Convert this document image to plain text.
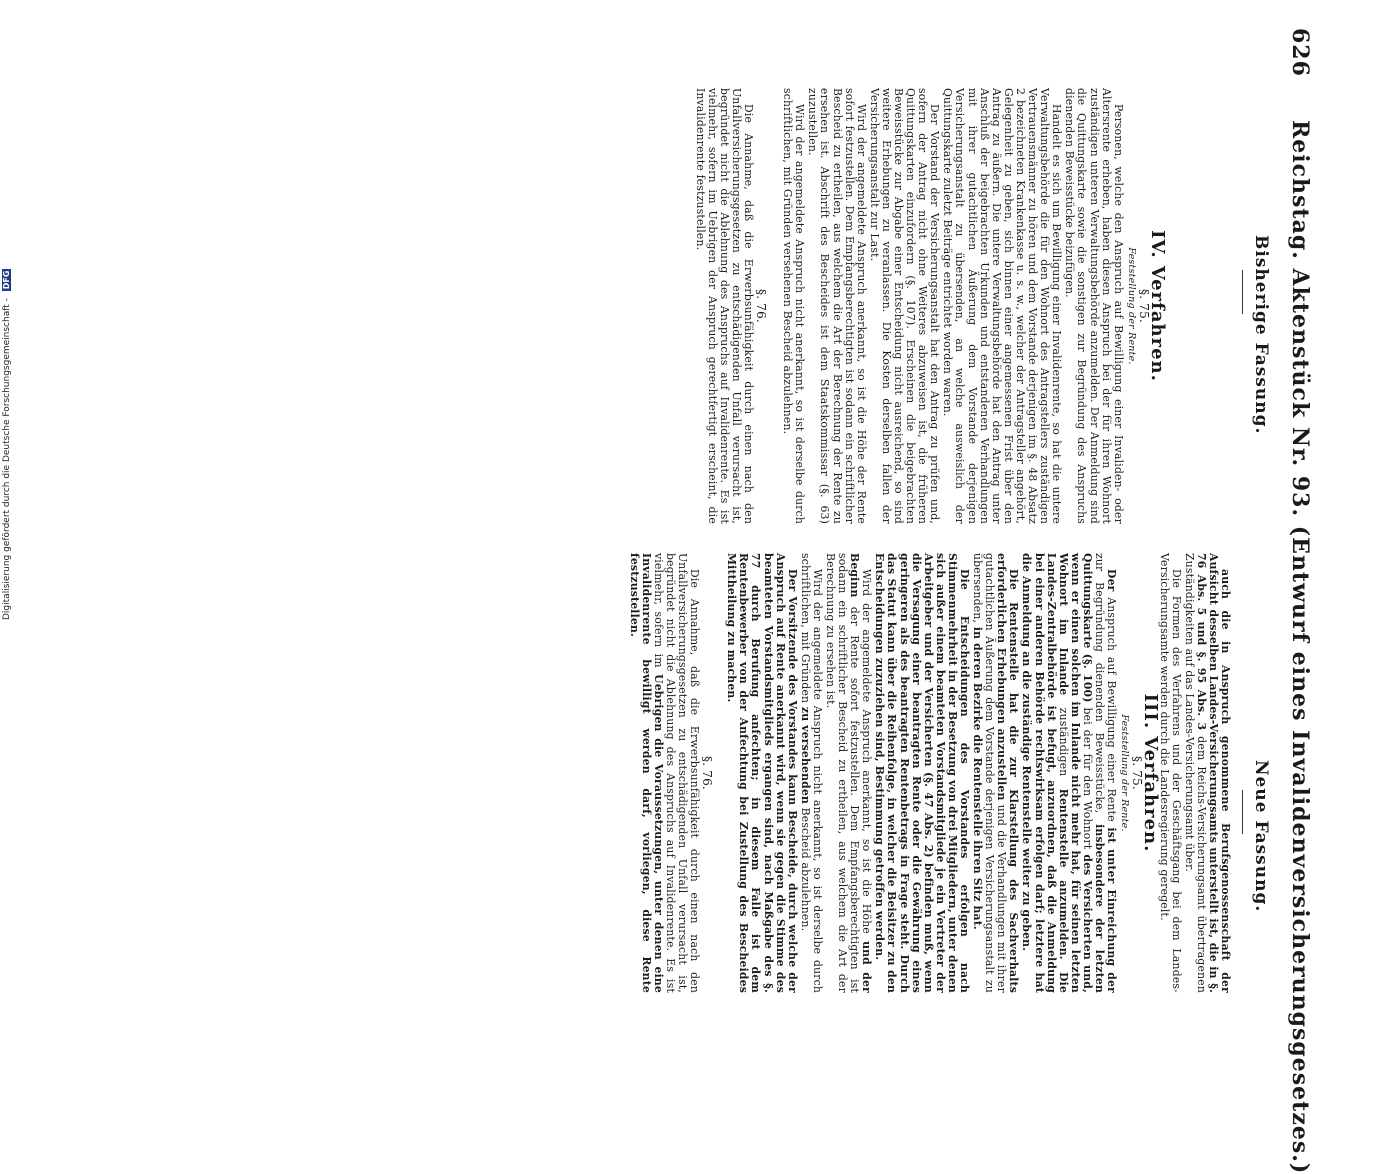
626
Reichstag. Aktenstück Nr. 93. (Entwurf eines Invalidenversicherungsgesetzes.)
Bisherige Fassung.
Neue Fassung.

IV. Verfahren.

§. 75.

Feststellung der Rente.

Personen, welche den Anspruch auf Bewilligung einer Invaliden- oder Altersrente erheben, haben diesen Anspruch bei der für ihren Wohnort zuständigen unteren Verwaltungsbehörde anzumelden. Der Anmeldung sind die Quittungskarte sowie die sonstigen zur Begründung des Anspruchs dienenden Beweisstücke beizufügen.

Handelt es sich um Bewilligung einer Invalidenrente, so hat die untere Verwaltungsbehörde die für den Wohnort des Antragstellers zuständigen Vertrauensmänner zu hören und dem Vorstande derjenigen im §. 48 Absatz 2 bezeichneten Krankenkasse u. s. w., welcher der Antragsteller angehört, Gelegenheit zu geben, sich binnen einer angemessenen Frist über den Antrag zu äußern. Die untere Verwaltungsbehörde hat den Antrag unter Anschluß der beigebrachten Urkunden und entstandenen Verhandlungen mit ihrer gutachtlichen Äußerung dem Vorstande derjenigen Versicherungsanstalt zu übersenden, an welche ausweislich der Quittungskarte zuletzt Beiträge entrichtet worden waren.

Der Vorstand der Versicherungsanstalt hat den Antrag zu prüfen und, sofern der Antrag nicht ohne Weiteres abzuweisen ist, die früheren Quittungskarten einzufordern (§. 107). Erscheinen die beigebrachten Beweisstücke zur Abgabe einer Entscheidung nicht ausreichend, so sind weitere Erhebungen zu veranlassen. Die Kosten derselben fallen der Versicherungsanstalt zur Last.

Wird der angemeldete Anspruch anerkannt, so ist die Höhe der Rente sofort festzustellen. Dem Empfangsberechtigten ist sodann ein schriftlicher Bescheid zu ertheilen, aus welchem die Art der Berechnung der Rente zu ersehen ist. Abschrift des Bescheides ist dem Staatskommissar (§. 63) zuzustellen.

Wird der angemeldete Anspruch nicht anerkannt, so ist derselbe durch schriftlichen, mit Gründen versehenen Bescheid abzulehnen.

§. 76.

Die Annahme, daß die Erwerbsunfähigkeit durch einen nach den Unfallversicherungsgesetzen zu entschädigenden Unfall verursacht ist, begründet nicht die Ablehnung des Anspruchs auf Invalidenrente. Es ist vielmehr, sofern im Uebrigen der Anspruch gerechtfertigt erscheint, die Invalidenrente festzustellen.

auch die in Anspruch genommene Berufsgenossenschaft der Aufsicht desselben Landes-Versicherungsamts unterstellt ist, die in §. 76 Abs. 5 und §. 95 Abs. 3 dem Reichs-Versicherungsamt übertragenen Zuständigkeiten auf das Landes-Versicherungsamt über.

Die Formen des Verfahrens und der Geschäftsgang bei dem Landes-Versicherungsamte werden durch die Landesregierung geregelt.

III. Verfahren.

§. 75.

Feststellung der Rente.

Der Anspruch auf Bewilligung einer Rente ist unter Einreichung der zur Begründung dienenden Beweisstücke, insbesondere der letzten Quittungskarte (§. 100) bei der für den Wohnort des Versicherten und, wenn er einen solchen im Inlande nicht mehr hat, für seinen letzten Wohnort im Inlande zuständigen Rentenstelle anzumelden. Die Landes-Zentralbehörde ist befugt, anzuordnen, daß die Anmeldung bei einer anderen Behörde rechtswirksam erfolgen darf; letztere hat die Anmeldung an die zuständige Rentenstelle weiter zu geben.

Die Rentenstelle hat die zur Klarstellung des Sachverhalts erforderlichen Erhebungen anzustellen und die Verhandlungen mit ihrer gutachtlichen Äußerung dem Vorstande derjenigen Versicherungsanstalt zu übersenden, in deren Bezirke die Rentenstelle ihren Sitz hat.

Die Entscheidungen des Vorstandes erfolgen nach Stimmenmehrheit in der Besetzung von drei Mitgliedern, unter denen sich außer einem beamteten Vorstandsmitgliede je ein Vertreter der Arbeitgeber und der Versicherten (§. 47 Abs. 2) befinden muß, wenn die Versagung einer beantragten Rente oder die Gewährung eines geringeren als des beantragten Rentenbetrags in Frage steht. Durch das Statut kann über die Reihenfolge, in welcher die Beisitzer zu den Entscheidungen zuzuziehen sind, Bestimmung getroffen werden.

Wird der angemeldete Anspruch anerkannt, so ist die Höhe und der Beginn der Rente sofort festzustellen. Dem Empfangsberechtigten ist sodann ein schriftlicher Bescheid zu ertheilen, aus welchem die Art der Berechnung zu ersehen ist.

Wird der angemeldete Anspruch nicht anerkannt, so ist derselbe durch schriftlichen, mit Gründen zu versehenden Bescheid abzulehnen.

Der Vorsitzende des Vorstandes kann Bescheide, durch welche der Anspruch auf Rente anerkannt wird, wenn sie gegen die Stimme des beamteten Vorstandsmitglieds ergangen sind, nach Maßgabe des §. 77 durch Berufung anfechten; in diesem Falle ist dem Rentenbewerber von der Anfechtung bei Zustellung des Bescheides Mittheilung zu machen.

§. 76.

Die Annahme, daß die Erwerbsunfähigkeit durch einen nach den Unfallversicherungsgesetzen zu entschädigenden Unfall verursacht ist, begründet nicht die Ablehnung des Anspruchs auf Invalidenrente. Es ist vielmehr, sofern im Uebrigen die Voraussetzungen, unter denen eine Invalidenrente bewilligt werden darf, vorliegen, diese Rente festzustellen.

Digitalisierung gefördert durch die Deutsche Forschungsgemeinschaft - DFG
